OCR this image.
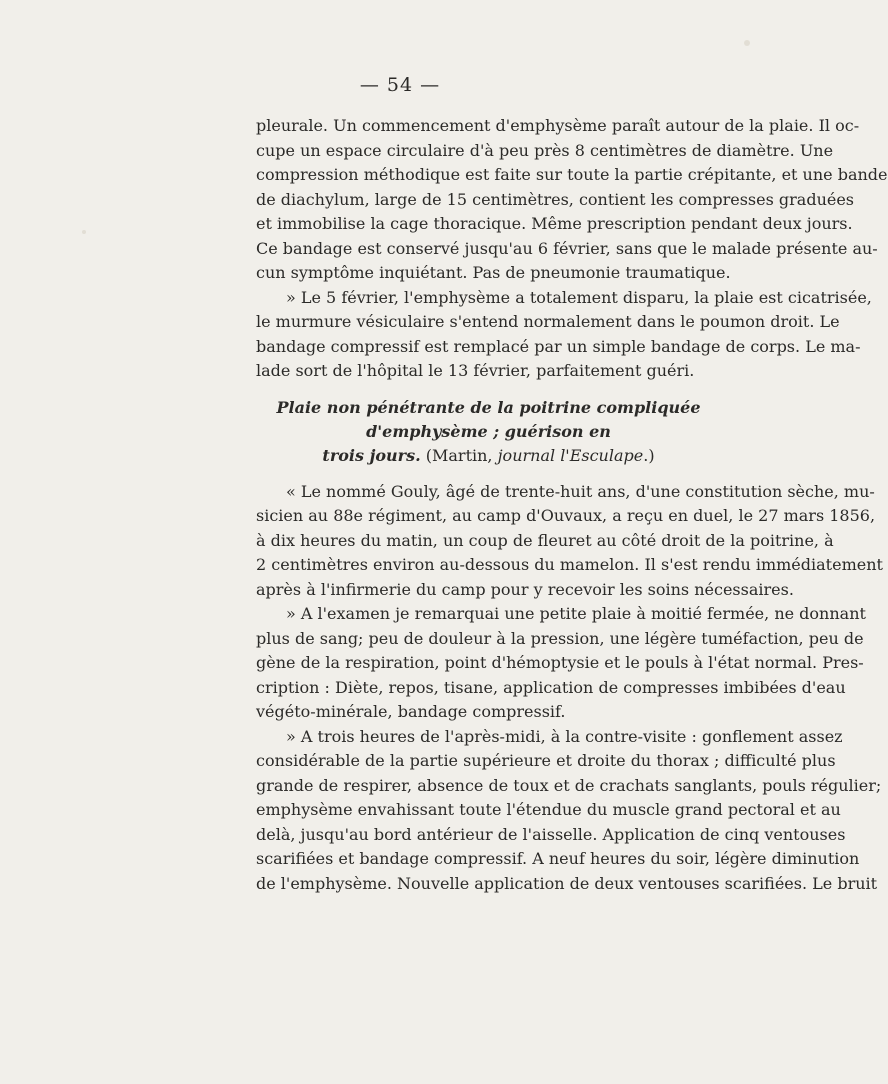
— 54 —
pleurale. Un commencement d'emphysème paraît autour de la plaie. Il oc-
cupe un espace circulaire d'à peu près 8 centimètres de diamètre. Une
compression méthodique est faite sur toute la partie crépitante, et une bande
de diachylum, large de 15 centimètres, contient les compresses graduées
et immobilise la cage thoracique. Même prescription pendant deux jours.
Ce bandage est conservé jusqu'au 6 février, sans que le malade présente au-
cun symptôme inquiétant. Pas de pneumonie traumatique.
» Le 5 février, l'emphysème a totalement disparu, la plaie est cicatrisée,
le murmure vésiculaire s'entend normalement dans le poumon droit. Le
bandage compressif est remplacé par un simple bandage de corps. Le ma-
lade sort de l'hôpital le 13 février, parfaitement guéri.
Plaie non pénétrante de la poitrine compliquée d'emphysème ; guérison en
trois jours. (Martin, journal l'Esculape.)
« Le nommé Gouly, âgé de trente-huit ans, d'une constitution sèche, mu-
sicien au 88e régiment, au camp d'Ouvaux, a reçu en duel, le 27 mars 1856,
à dix heures du matin, un coup de fleuret au côté droit de la poitrine, à
2 centimètres environ au-dessous du mamelon. Il s'est rendu immédiatement
après à l'infirmerie du camp pour y recevoir les soins nécessaires.
» A l'examen je remarquai une petite plaie à moitié fermée, ne donnant
plus de sang; peu de douleur à la pression, une légère tuméfaction, peu de
gène de la respiration, point d'hémoptysie et le pouls à l'état normal. Pres-
cription : Diète, repos, tisane, application de compresses imbibées d'eau
végéto-minérale, bandage compressif.
» A trois heures de l'après-midi, à la contre-visite : gonflement assez
considérable de la partie supérieure et droite du thorax ; difficulté plus
grande de respirer, absence de toux et de crachats sanglants, pouls régulier;
emphysème envahissant toute l'étendue du muscle grand pectoral et au
delà, jusqu'au bord antérieur de l'aisselle. Application de cinq ventouses
scarifiées et bandage compressif. A neuf heures du soir, légère diminution
de l'emphysème. Nouvelle application de deux ventouses scarifiées. Le bruit
